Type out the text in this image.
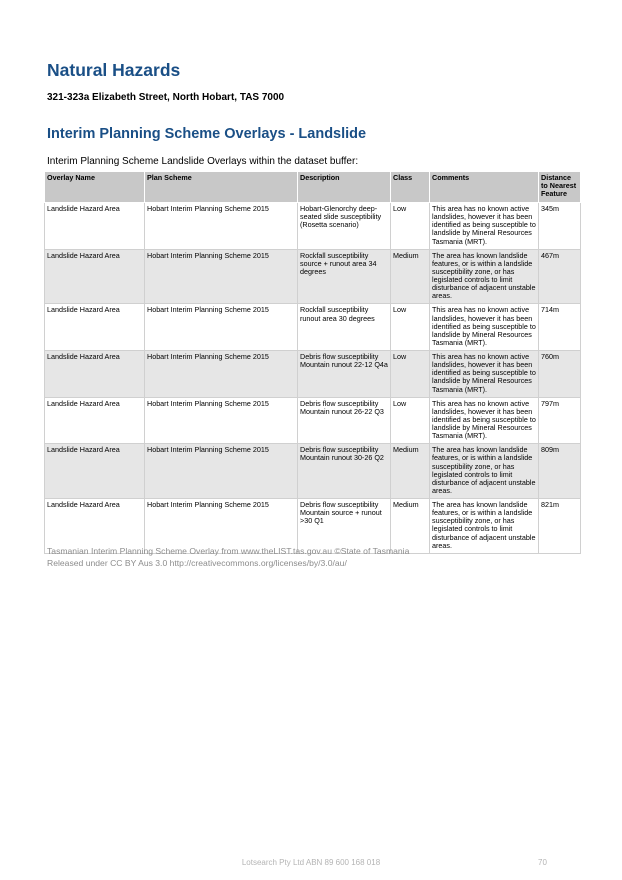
Natural Hazards

321-323a Elizabeth Street, North Hobart, TAS 7000

Interim Planning Scheme Overlays - Landslide

Interim Planning Scheme Landslide Overlays within the dataset buffer:

Overlay Name	Plan Scheme	Description	Class	Comments	Distance to Nearest Feature
Landslide Hazard Area	Hobart Interim Planning Scheme 2015	Hobart-Glenorchy deep-seated slide susceptibility (Rosetta scenario)	Low	This area has no known active landslides, however it has been identified as being susceptible to landslide by Mineral Resources Tasmania (MRT).	345m
Landslide Hazard Area	Hobart Interim Planning Scheme 2015	Rockfall susceptibility source + runout area 34 degrees	Medium	The area has known landslide features, or is within a landslide susceptibility zone, or has legislated controls to limit disturbance of adjacent unstable areas.	467m
Landslide Hazard Area	Hobart Interim Planning Scheme 2015	Rockfall susceptibility runout area 30 degrees	Low	This area has no known active landslides, however it has been identified as being susceptible to landslide by Mineral Resources Tasmania (MRT).	714m
Landslide Hazard Area	Hobart Interim Planning Scheme 2015	Debris flow susceptibility Mountain runout 22-12 Q4a	Low	This area has no known active landslides, however it has been identified as being susceptible to landslide by Mineral Resources Tasmania (MRT).	760m
Landslide Hazard Area	Hobart Interim Planning Scheme 2015	Debris flow susceptibility Mountain runout 26-22 Q3	Low	This area has no known active landslides, however it has been identified as being susceptible to landslide by Mineral Resources Tasmania (MRT).	797m
Landslide Hazard Area	Hobart Interim Planning Scheme 2015	Debris flow susceptibility Mountain runout 30-26 Q2	Medium	The area has known landslide features, or is within a landslide susceptibility zone, or has legislated controls to limit disturbance of adjacent unstable areas.	809m
Landslide Hazard Area	Hobart Interim Planning Scheme 2015	Debris flow susceptibility Mountain source + runout >30 Q1	Medium	The area has known landslide features, or is within a landslide susceptibility zone, or has legislated controls to limit disturbance of adjacent unstable areas.	821m
Tasmanian Interim Planning Scheme Overlay from www.theLIST.tas.gov.au ©State of Tasmania
Released under CC BY Aus 3.0 http://creativecommons.org/licenses/by/3.0/au/
Lotsearch Pty Ltd ABN 89 600 168 018	70
